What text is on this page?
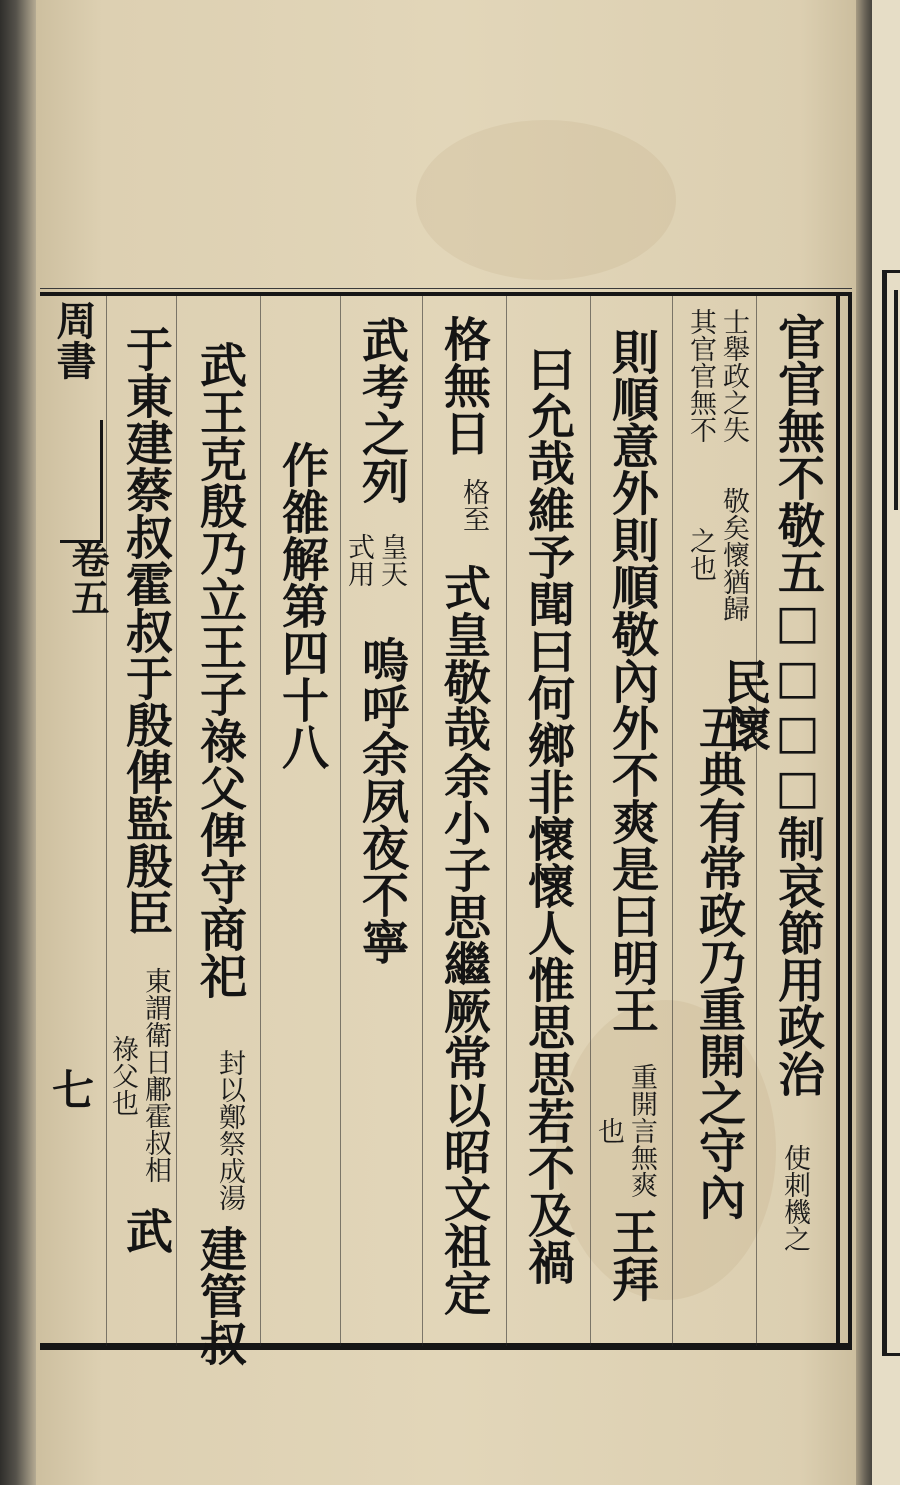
周書
卷五
七	官官無不敬五□□□□制哀節用政治民懷
使刺機之
士舉政之失其官官無不敬矣懷猶歸之也
五典有常政乃重開之守內
則順意外則順敬內外不爽是曰明王
重開言無爽也
王拜
曰允哉維予聞曰何鄉非懷懷人惟思思若不及禍
格無日
格至
式皇敬哉余小子思繼厥常以昭文祖定
武考之列
皇天式用
嗚呼余夙夜不寧
作雒解第四十八
武王克殷乃立王子祿父俾守商祀
封以鄭祭成湯
建管叔
于東建蔡叔霍叔于殷俾監殷臣
東謂衛日鄘霍叔相祿父也
武
